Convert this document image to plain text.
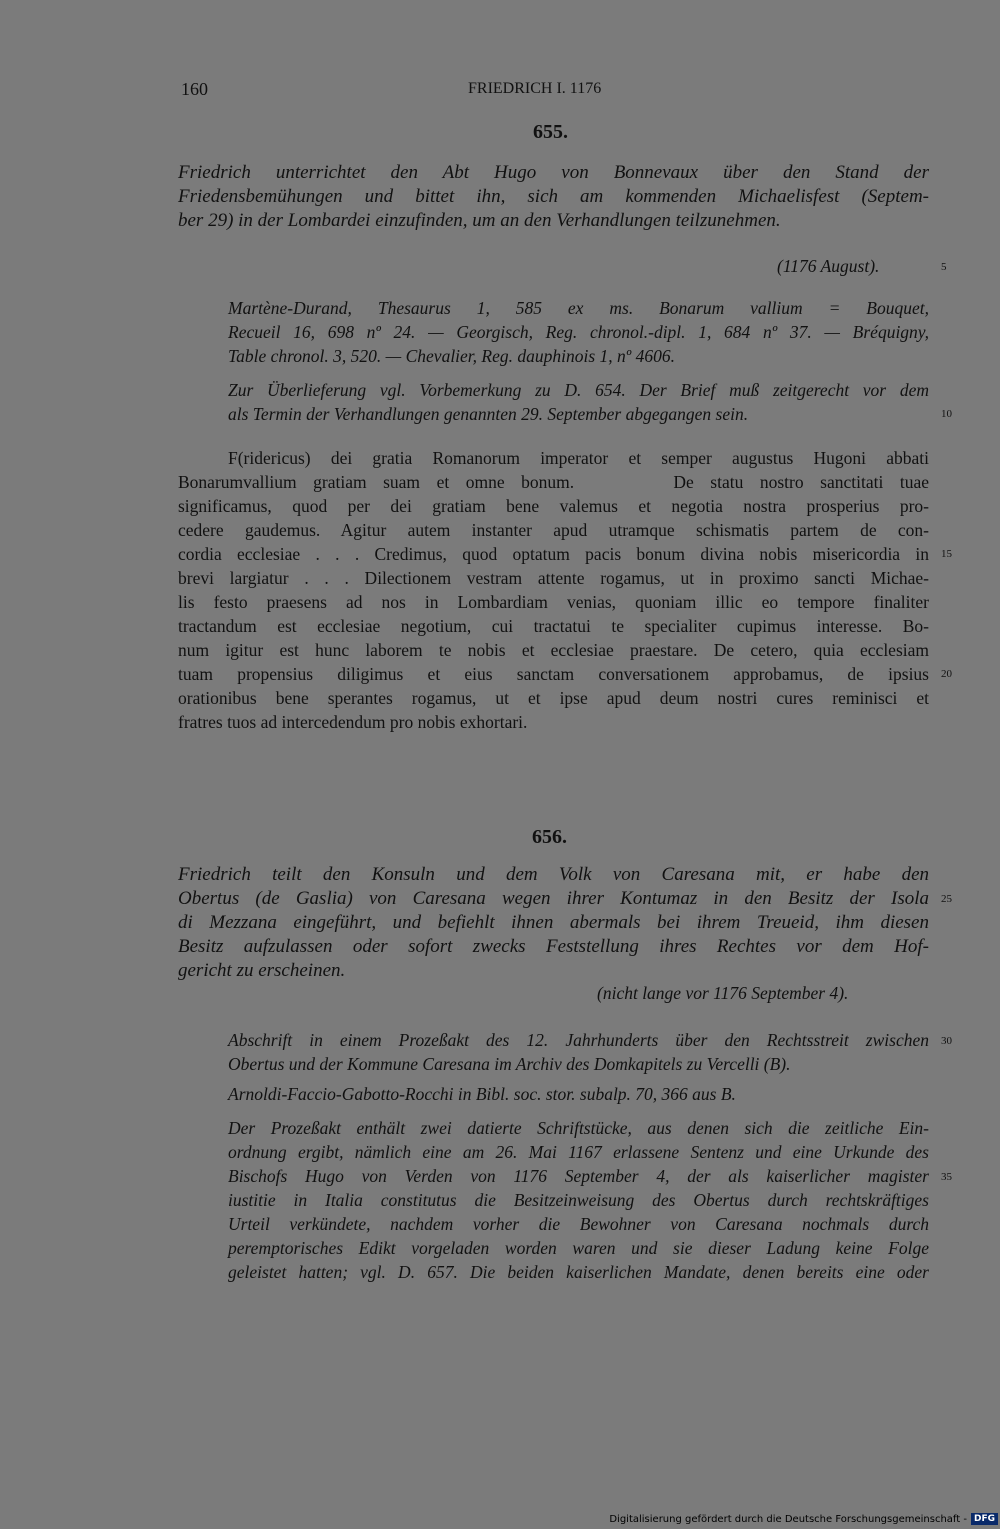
160	FRIEDRICH I. 1176
655.
Friedrich unterrichtet den Abt Hugo von Bonnevaux über den Stand der
Friedensbemühungen und bittet ihn, sich am kommenden Michaelisfest (Septem-
ber 29) in der Lombardei einzufinden, um an den Verhandlungen teilzunehmen.
(1176 August).	5
Martène-Durand, Thesaurus 1, 585 ex ms. Bonarum vallium = Bouquet,
Recueil 16, 698 nº 24. — Georgisch, Reg. chronol.-dipl. 1, 684 nº 37. — Bréquigny,
Table chronol. 3, 520. — Chevalier, Reg. dauphinois 1, nº 4606.
Zur Überlieferung vgl. Vorbemerkung zu D. 654. Der Brief muß zeitgerecht vor dem
als Termin der Verhandlungen genannten 29. September abgegangen sein.	10
F(ridericus) dei gratia Romanorum imperator et semper augustus Hugoni abbati
Bonarumvallium gratiam suam et omne bonum.      De statu nostro sanctitati tuae
significamus, quod per dei gratiam bene valemus et negotia nostra prosperius pro-
cedere gaudemus. Agitur autem instanter apud utramque schismatis partem de con-
cordia ecclesiae . . . Credimus, quod optatum pacis bonum divina nobis misericordia in 15
brevi largiatur . . . Dilectionem vestram attente rogamus, ut in proximo sancti Michae-
lis festo praesens ad nos in Lombardiam venias, quoniam illic eo tempore finaliter
tractandum est ecclesiae negotium, cui tractatui te specialiter cupimus interesse. Bo-
num igitur est hunc laborem te nobis et ecclesiae praestare. De cetero, quia ecclesiam
tuam propensius diligimus et eius sanctam conversationem approbamus, de ipsius 20
orationibus bene sperantes rogamus, ut et ipse apud deum nostri cures reminisci et
fratres tuos ad intercedendum pro nobis exhortari.
656.
Friedrich teilt den Konsuln und dem Volk von Caresana mit, er habe den
Obertus (de Gaslia) von Caresana wegen ihrer Kontumaz in den Besitz der Isola 25
di Mezzana eingeführt, und befiehlt ihnen abermals bei ihrem Treueid, ihm diesen
Besitz aufzulassen oder sofort zwecks Feststellung ihres Rechtes vor dem Hof-
gericht zu erscheinen.
(nicht lange vor 1176 September 4).
Abschrift in einem Prozeßakt des 12. Jahrhunderts über den Rechtsstreit zwischen 30
Obertus und der Kommune Caresana im Archiv des Domkapitels zu Vercelli (B).
Arnoldi-Faccio-Gabotto-Rocchi in Bibl. soc. stor. subalp. 70, 366 aus B.
Der Prozeßakt enthält zwei datierte Schriftstücke, aus denen sich die zeitliche Ein-
ordnung ergibt, nämlich eine am 26. Mai 1167 erlassene Sentenz und eine Urkunde des
Bischofs Hugo von Verden von 1176 September 4, der als kaiserlicher magister 35
iustitie in Italia constitutus die Besitzeinweisung des Obertus durch rechtskräftiges
Urteil verkündete, nachdem vorher die Bewohner von Caresana nochmals durch
peremptorisches Edikt vorgeladen worden waren und sie dieser Ladung keine Folge
geleistet hatten; vgl. D. 657. Die beiden kaiserlichen Mandate, denen bereits eine oder
Digitalisierung gefördert durch die Deutsche Forschungsgemeinschaft - DFG
